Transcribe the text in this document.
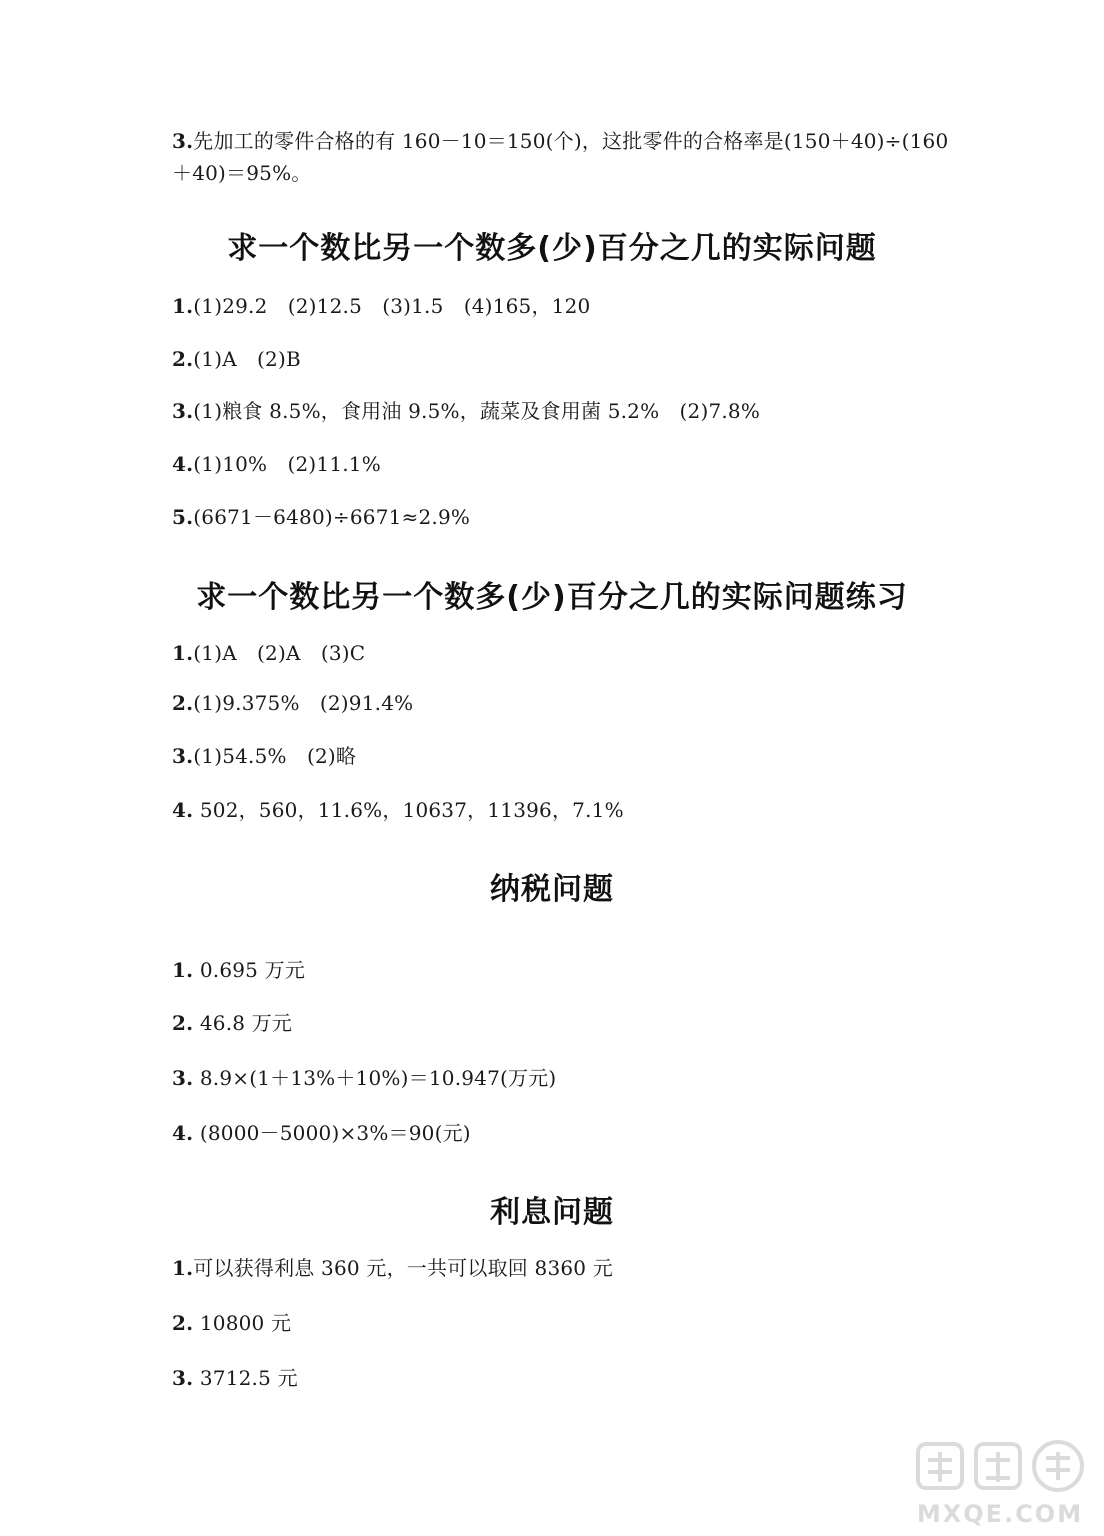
3.先加工的零件合格的有 160－10＝150(个)，这批零件的合格率是(150＋40)÷(160
＋40)＝95%。
求一个数比另一个数多(少)百分之几的实际问题
1.(1)29.2　(2)12.5　(3)1.5　(4)165，120
2.(1)A　(2)B
3.(1)粮食 8.5%，食用油 9.5%，蔬菜及食用菌 5.2%　(2)7.8%
4.(1)10%　(2)11.1%
5.(6671－6480)÷6671≈2.9%
求一个数比另一个数多(少)百分之几的实际问题练习
1.(1)A　(2)A　(3)C
2.(1)9.375%　(2)91.4%
3.(1)54.5%　(2)略
4. 502，560，11.6%，10637，11396，7.1%
纳税问题
1. 0.695 万元
2. 46.8 万元
3. 8.9×(1＋13%＋10%)＝10.947(万元)
4. (8000－5000)×3%＝90(元)
利息问题
1.可以获得利息 360 元，一共可以取回 8360 元
2. 10800 元
3. 3712.5 元
MXQE.COM
